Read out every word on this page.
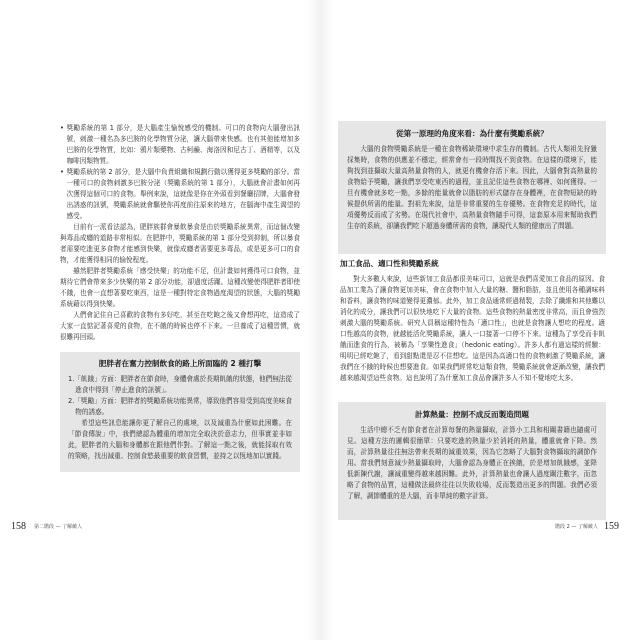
• 獎勵系統的第 1 部分，是大腦產生愉悅感受的機制。可口的食物向大腦發出訊號，刺激一種名為多巴胺的化學物質分泌，讓大腦帶來快感。也有其他能增加多巴胺的化學物質，比如：鴉片類藥物、古柯鹼、海洛因和尼古丁、酒精等，以及咖啡因類物質。

• 獎勵系統的第 2 部分，是大腦中負責組織和規劃行動以獲得更多獎勵的部分。當一種可口的食物刺激多巴胺分泌（獎勵系統的第 1 部分），大腦就會計畫如何再次獲得這個可口的食物。舉例來說，這就像是你在外頭看到餐廳招牌，大腦會發出誘惑的訊號，獎勵系統就會驅使你再度前往原來的地方，在腦海中產生渴望的感受。

目前有一派看法認為，肥胖族群會暴飲暴食是由於獎勵系統異常，而這個改變與毒品成癮的道路非常相似。在肥胖中，獎勵系統的第 1 部分受到抑制，所以暴食者需要吃進更多食物才能感到快樂，就像成癮者需要更多毒品，或是更多可口的食物，才能獲得相同的愉悅程度。

雖然肥胖者獎勵系統「感受快樂」的功能不足，但計畫如何獲得可口食物，並期待它們會帶來多少快樂的第 2 部分功能，卻過度活躍。這種改變使得肥胖者即使不餓，也會一直想著要吃東西，這是一種對特定食物過度渴望的狀態，大腦的獎勵系統藉以得到快樂。

人們會記住自己喜歡的食物有多好吃，甚至在吃飽之後又會想再吃，這造成了大家一直惦記著喜愛的食物，在不餓的時候也停不下來。一旦養成了這種習慣，就很難再回頭。

肥胖者在奮力控制飲食的路上所面臨的 2 種打擊

1.「飢餓」方面：肥胖者在節食時，身體會處於長期飢餓的狀態，他們無法從進食中得到「停止進食的訊號」。

2.「獎勵」方面：肥胖者的獎勵系統功能異常，導致他們容易受到高度美味食物的誘惑。

希望這些訊息能讓你更了解自己的處境，以及減重為什麼如此困難。在「節食傳說」中，我們總認為體重的增加完全取決於意志力，但事實並非如此，肥胖者的大腦和身體都在跟他們作對。了解這一點之後，就能採取有效的策略，找出減重、控制食慾最重要的飲食習慣，並持之以恆地加以實踐。

158 第二階段 — 了解敵人
從第一原理的角度來看：為什麼有獎勵系統？

大腦的食物獎勵系統是一種在食物稀缺環境中求生存的機制。古代人類祖先狩獵採集時，食物的供應並不穩定，經常會有一段時間找不到食物。在這樣的環境下，能夠找到並攝取大量高熱量食物的人，就更有機會存活下來。因此，大腦會對高熱量的食物給予獎勵，讓我們享受吃東西的過程，並且記住這些食物在哪裡、如何獲得。一旦有機會就多吃一點，多餘的能量就會以脂肪的形式儲存在身體裡，在食物短缺的時候提供所需的能量。對祖先來說，這是非常重要的生存優勢。在食物充足的時代，這項優勢反而成了劣勢。在現代社會中，高熱量食物隨手可得，這套原本用來幫助我們生存的系統，卻讓我們吃下超過身體所需的食物，讓現代人類的健康出了問題。

加工食品、適口性和獎勵系統

對大多數人來說，這些新加工食品都很美味可口，這就是我們喜愛加工食品的原因。食品加工業為了讓食物更加美味，會在食物中加入大量的糖、鹽和脂肪，並且使用各種調味料和香料，讓食物的味道變得更濃郁。此外，加工食品通常經過精製，去除了纖維和其他難以消化的成分，讓我們可以很快地吃下大量的食物。這些食物的熱量密度非常高，而且會強烈刺激大腦的獎勵系統。研究人員稱這種特性為「適口性」，也就是食物讓人想吃的程度。適口性越高的食物，就越能活化獎勵系統，讓人一口接著一口停不下來。這種為了享受而非飢餓而進食的行為，被稱為「享樂性進食」（hedonic eating）。許多人都有過這樣的經驗：明明已經吃飽了，看到甜點還是忍不住想吃。這是因為高適口性的食物刺激了獎勵系統，讓我們在不餓的時候也想要進食。如果我們經常吃這類食物，獎勵系統就會逐漸改變，讓我們越來越渴望這些食物。這也說明了為什麼加工食品會讓許多人不知不覺地吃太多。

計算熱量：控制不成反而製造問題

生活中總不乏有節食者在計算每餐的熱量攝取，計算小工具和相關書籍也隨處可見。這種方法的邏輯很簡單：只要吃進的熱量少於消耗的熱量，體重就會下降。然而，計算熱量往往無法帶來長期的減重效果，因為它忽略了大腦對食物攝取的調節作用。當我們刻意減少熱量攝取時，大腦會認為身體正在挨餓，於是增加飢餓感，並降低新陳代謝，讓減重變得越來越困難。此外，計算熱量也會讓人過度關注數字，而忽略了食物的品質，這種做法最終往往以失敗收場，反而製造出更多的問題。我們必須了解，調節體重的是大腦，而非單純的數字計算。

階段 2 — 了解敵人 159
